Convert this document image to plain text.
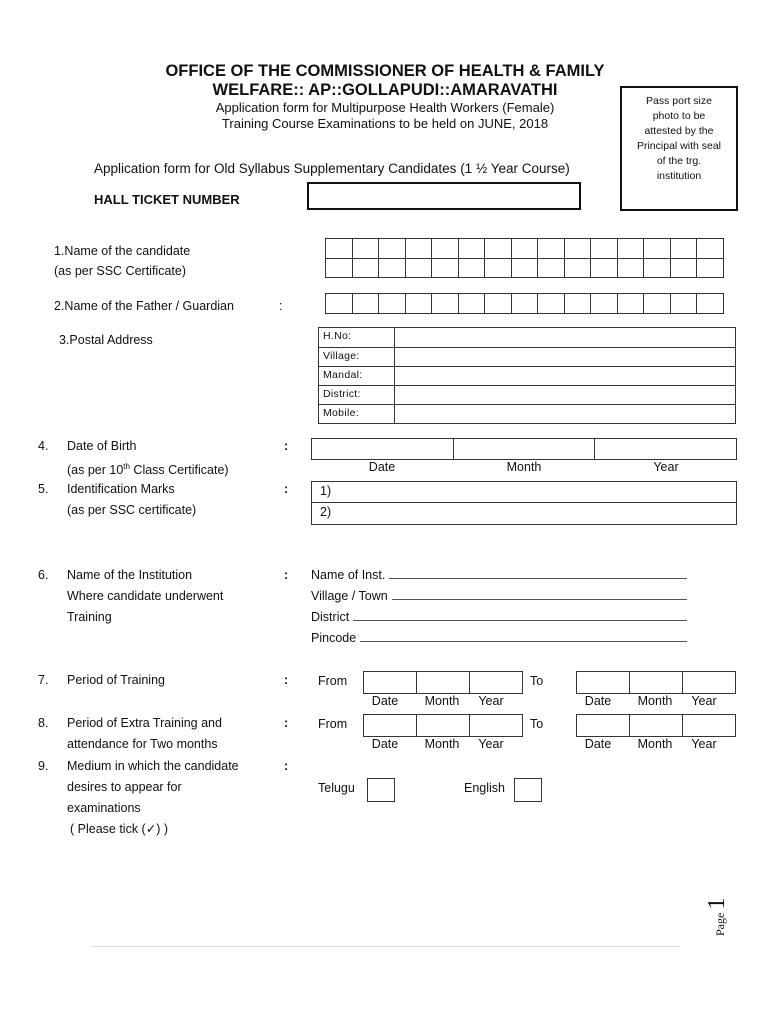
OFFICE OF THE COMMISSIONER OF HEALTH & FAMILY
WELFARE:: AP::GOLLAPUDI::AMARAVATHI
Application form for Multipurpose Health Workers (Female)
Training Course Examinations to be held on JUNE, 2018
Application form for Old Syllabus Supplementary Candidates (1 ½ Year Course)
Pass port size
photo to be
attested by the
Principal with seal
of the trg.
institution
HALL TICKET NUMBER
1.Name of the candidate
(as per SSC Certificate)
2.Name of the Father / Guardian	:
3.Postal Address	H.No:
Village:
Mandal:
District:
Mobile:
4. Date of Birth
(as per 10th Class Certificate)
:
Date	Month	Year
5. Identification Marks
(as per SSC certificate)
:	1)
2)
6. Name of the Institution
Where candidate underwent
Training
: Name of Inst.
Village / Town
District
Pincode
7. Period of Training	: From	To
Date	Month	Year	Date	Month	Year
8. Period of Extra Training and
attendance for Two months
: From	To
Date	Month	Year	Date	Month	Year
9. Medium in which the candidate
desires to appear for
examinations
( Please tick (✓) )
:
Telugu	English
Page 1
